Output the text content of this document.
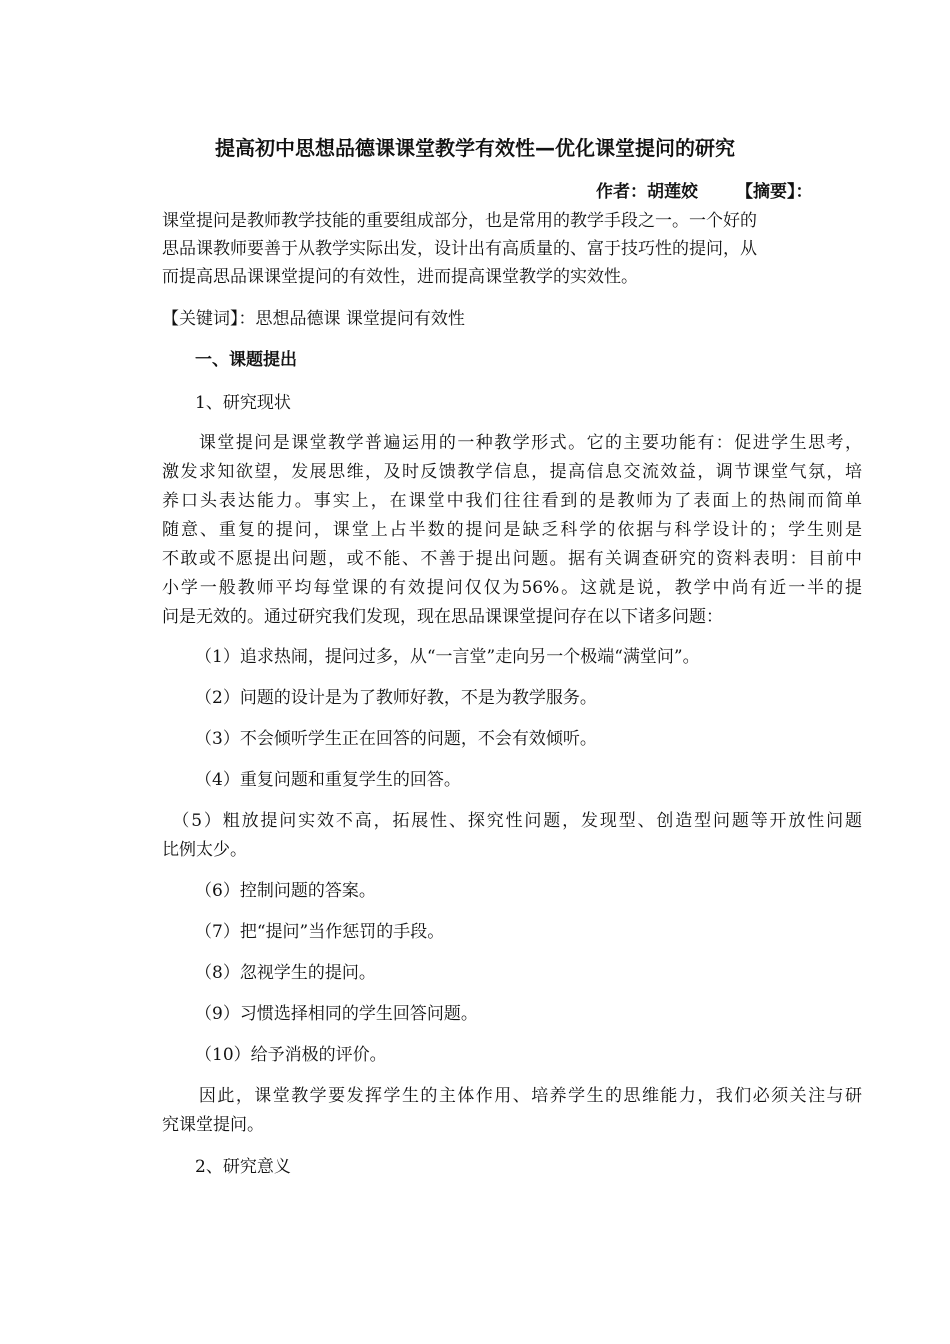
提高初中思想品德课课堂教学有效性—优化课堂提问的研究
作者：胡莲姣 【摘要】：
课堂提问是教师教学技能的重要组成部分，也是常用的教学手段之一。一个好的
思品课教师要善于从教学实际出发，设计出有高质量的、富于技巧性的提问，从
而提高思品课课堂提问的有效性，进而提高课堂教学的实效性。
【关键词】：思想品德课 课堂提问有效性
一、课题提出
1、研究现状
　　课堂提问是课堂教学普遍运用的一种教学形式。它的主要功能有：促进学生思考，
激发求知欲望，发展思维，及时反馈教学信息，提高信息交流效益，调节课堂气氛，培
养口头表达能力。事实上，在课堂中我们往往看到的是教师为了表面上的热闹而简单
随意、重复的提问，课堂上占半数的提问是缺乏科学的依据与科学设计的；学生则是
不敢或不愿提出问题，或不能、不善于提出问题。据有关调查研究的资料表明：目前中
小学一般教师平均每堂课的有效提问仅仅为56%。这就是说，教学中尚有近一半的提
问是无效的。通过研究我们发现，现在思品课课堂提问存在以下诸多问题：
（1）追求热闹，提问过多，从“一言堂”走向另一个极端“满堂问”。
（2）问题的设计是为了教师好教，不是为教学服务。
（3）不会倾听学生正在回答的问题，不会有效倾听。
（4）重复问题和重复学生的回答。
　（5）粗放提问实效不高，拓展性、探究性问题，发现型、创造型问题等开放性问题
比例太少。
（6）控制问题的答案。
（7）把“提问”当作惩罚的手段。
（8）忽视学生的提问。
（9）习惯选择相同的学生回答问题。
（10）给予消极的评价。
　　因此，课堂教学要发挥学生的主体作用、培养学生的思维能力，我们必须关注与研
究课堂提问。
2、研究意义
